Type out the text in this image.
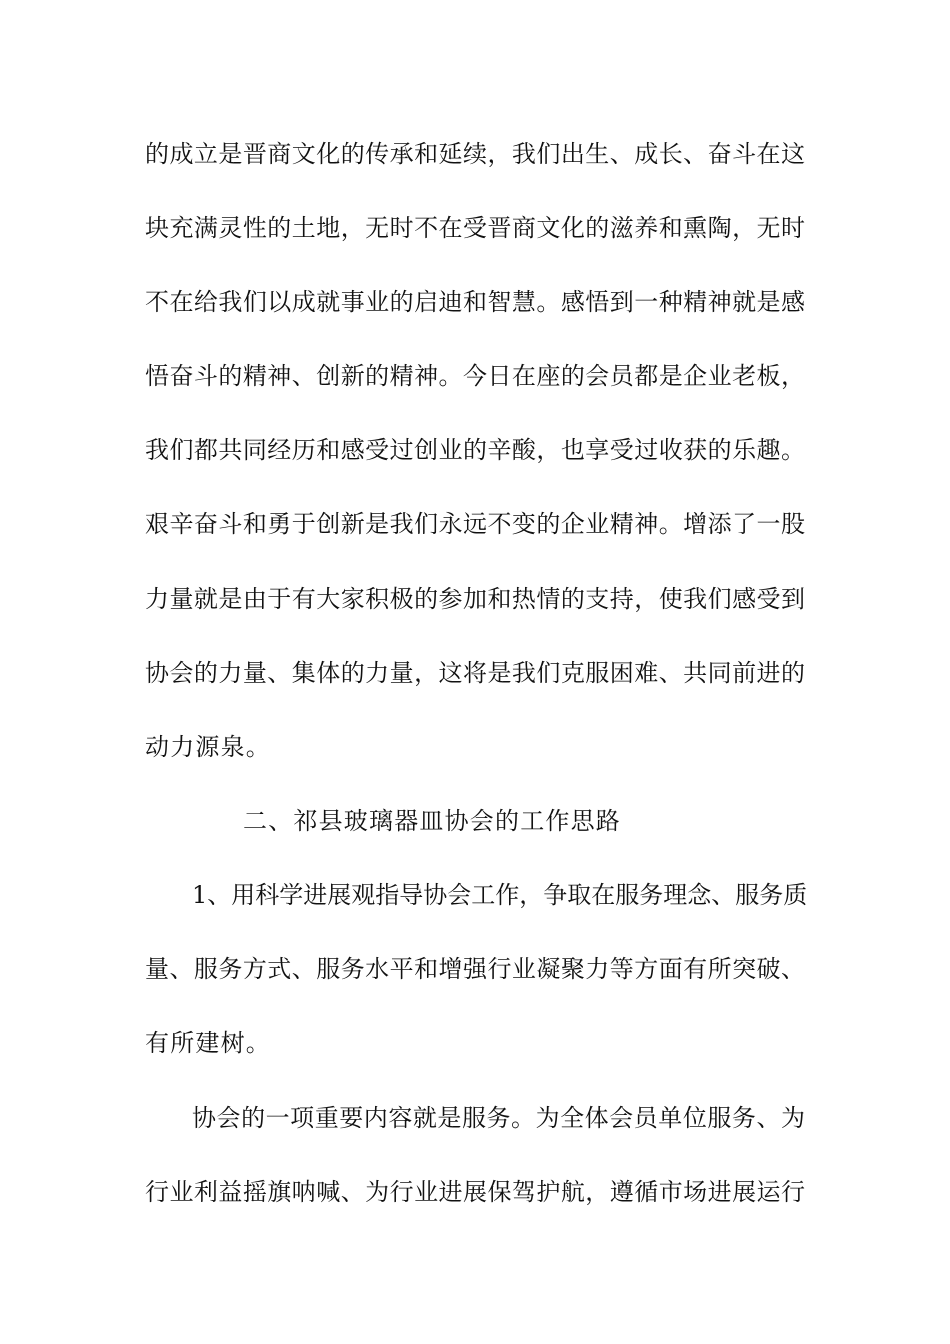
的成立是晋商文化的传承和延续，我们出生、成长、奋斗在这
块充满灵性的土地，无时不在受晋商文化的滋养和熏陶，无时
不在给我们以成就事业的启迪和智慧。感悟到一种精神就是感
悟奋斗的精神、创新的精神。今日在座的会员都是企业老板，
我们都共同经历和感受过创业的辛酸，也享受过收获的乐趣。
艰辛奋斗和勇于创新是我们永远不变的企业精神。增添了一股
力量就是由于有大家积极的参加和热情的支持，使我们感受到
协会的力量、集体的力量，这将是我们克服困难、共同前进的
动力源泉。
二、祁县玻璃器皿协会的工作思路
1、用科学进展观指导协会工作，争取在服务理念、服务质
量、服务方式、服务水平和增强行业凝聚力等方面有所突破、
有所建树。
协会的一项重要内容就是服务。为全体会员单位服务、为
行业利益摇旗呐喊、为行业进展保驾护航，遵循市场进展运行
